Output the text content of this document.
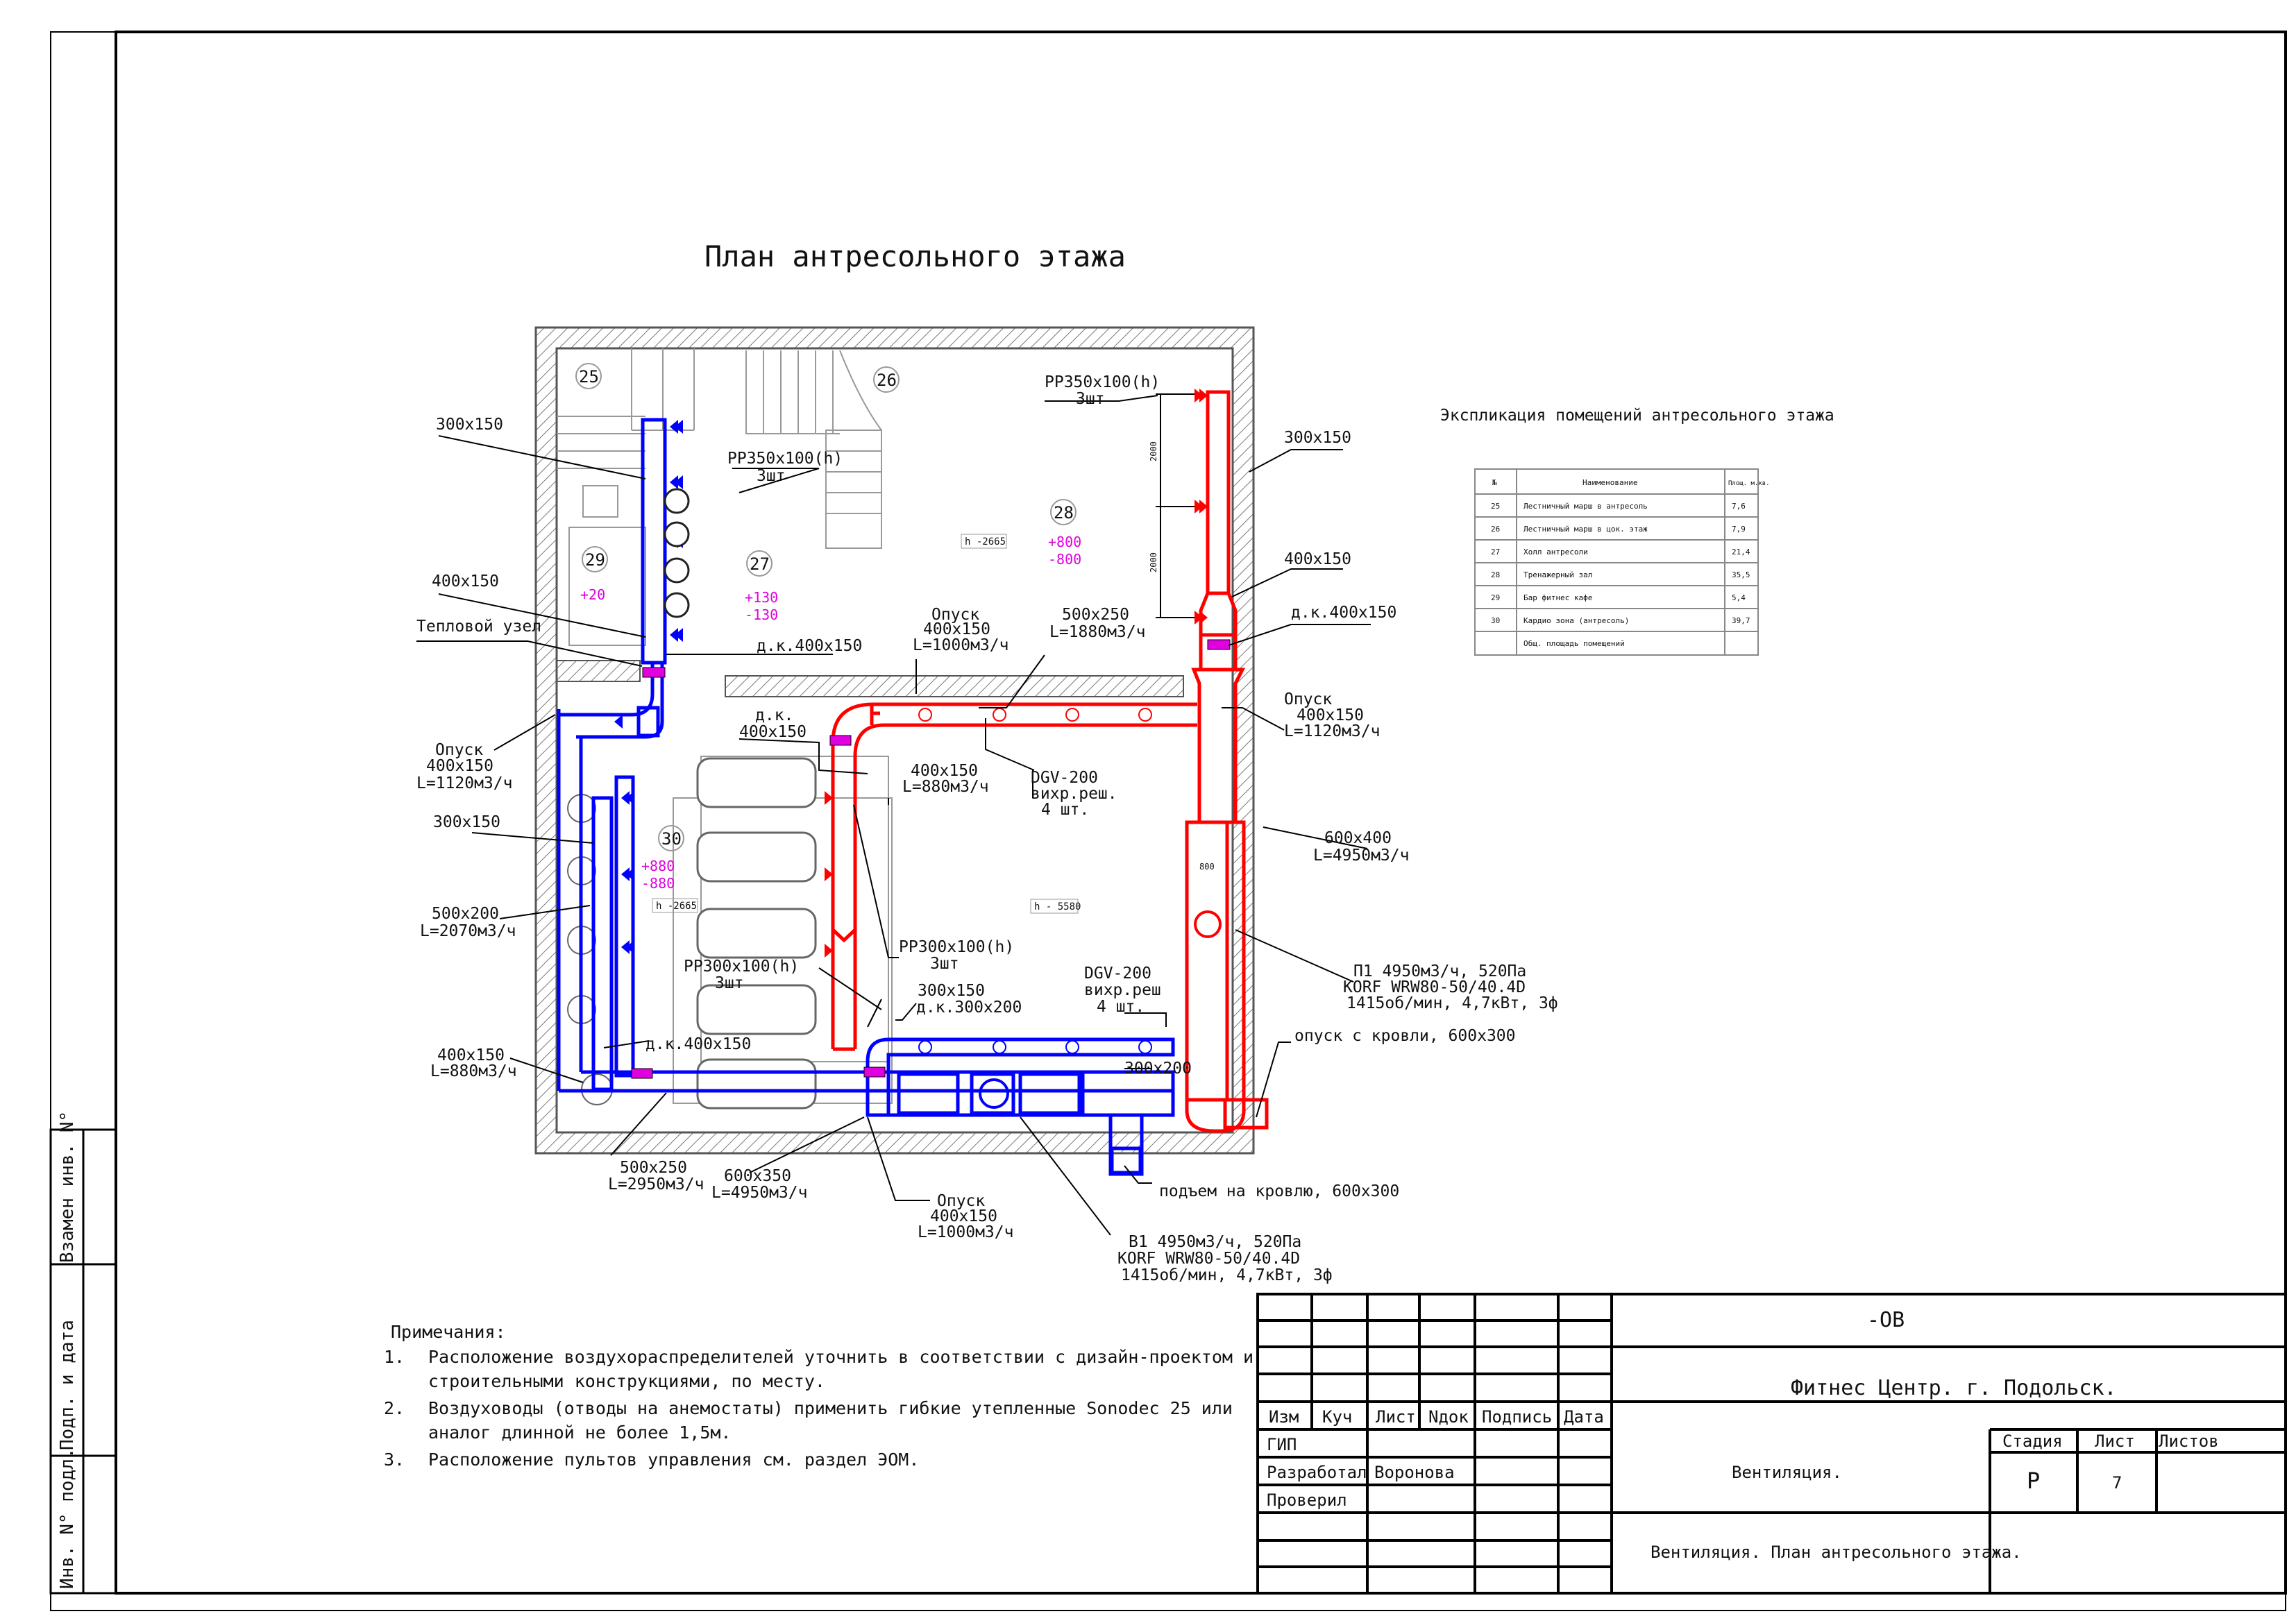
Взамен инв. N°
Подп. и дата
Инв. N° подл.
План антресольного этажа
Экспликация помещений антресольного этажа
№	Наименование	Площ. м.кв.
25	Лестничный марш в антресоль	7,6
26	Лестничный марш в цок. этаж	7,9
27	Холл антресоли	21,4
28	Тренажерный зал	35,5
29	Бар фитнес кафе	5,4
30	Кардио зона (антресоль)	39,7
Общ. площадь помещений
25	26
27
28
29
30
+130
-130
+800
-800
+20
+880
-880
h -2665
h -2665	h - 5580
2000
2000
800
300x150
РР350х100(h)
3шт
РР350х100(h)
3шт
300х150
400х150
д.к.400х150
400х150
Тепловой узел
д.к.400х150
Опуск
400х150
L=1000м3/ч
500х250
L=1880м3/ч
Опуск
400х150
L=1120м3/ч
Опуск
400х150
L=1120м3/ч
д.к.
400х150
400х150
L=880м3/ч	DGV-200
вихр.реш.
4 шт.
300х150
600х400
L=4950м3/ч
500х200
L=2070м3/ч
РР300х100(h)
3шт
РР300х100(h)
3шт
П1 4950м3/ч, 520Па
KORF WRW80-50/40.4D
1415об/мин, 4,7кВт, 3ф
DGV-200
вихр.реш
4 шт.
300х150
д.к.300х200
400х150
L=880м3/ч
д.к.400х150	опуск с кровли, 600х300
300х200
500х250
L=2950м3/ч 600х350
L=4950м3/ч	подъем на кровлю, 600х300
Опуск
400х150
L=1000м3/ч
В1 4950м3/ч, 520Па
KORF WRW80-50/40.4D
1415об/мин, 4,7кВт, 3ф
Примечания:
1. Расположение воздухораспределителей уточнить в соответствии с дизайн-проектом и
строительными конструкциями, по месту.
2. Воздуховоды (отводы на анемостаты) применить гибкие утепленные Sonodec 25 или
аналог длинной не более 1,5м.
3. Расположение пультов управления см. раздел ЭОМ.
-ОВ
Фитнес Центр. г. Подольск.
Вентиляция.
Вентиляция. План антресольного этажа.
Изм Куч Лист Nдок Подпись Дата
ГИП
Разработал
Проверил
Воронова
Стадия Лист Листов
Р	7
